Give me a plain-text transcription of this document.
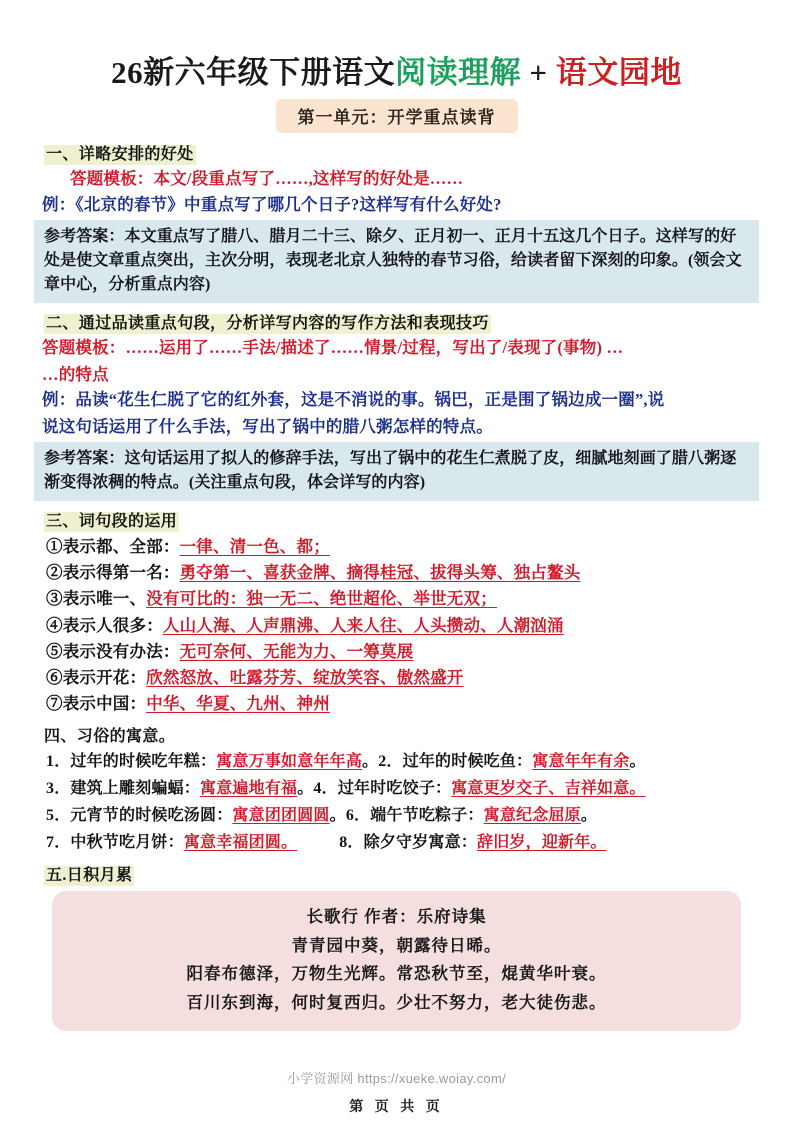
26新六年级下册语文阅读理解 + 语文园地
第一单元：开学重点读背
一、详略安排的好处
答题模板：本文/段重点写了……,这样写的好处是……
例：《北京的春节》中重点写了哪几个日子?这样写有什么好处?
参考答案：本文重点写了腊八、腊月二十三、除夕、正月初一、正月十五这几个日子。这样写的好处是使文章重点突出，主次分明，表现老北京人独特的春节习俗，给读者留下深刻的印象。(领会文章中心，分析重点内容)
二、通过品读重点句段，分析详写内容的写作方法和表现技巧
答题模板：……运用了……手法/描述了……情景/过程，写出了/表现了(事物) …
…的特点
例：品读“花生仁脱了它的红外套，这是不消说的事。锅巴，正是围了锅边成一圈”,说
说这句话运用了什么手法，写出了锅中的腊八粥怎样的特点。
参考答案：这句话运用了拟人的修辞手法，写出了锅中的花生仁煮脱了皮，细腻地刻画了腊八粥逐渐变得浓稠的特点。(关注重点句段，体会详写的内容)
三、词句段的运用
①表示都、全部：一律、清一色、都；
②表示得第一名：勇夺第一、喜获金牌、摘得桂冠、拔得头筹、独占鳌头
③表示唯一、没有可比的：独一无二、绝世超伦、举世无双；
④表示人很多：人山人海、人声鼎沸、人来人往、人头攒动、人潮汹涌
⑤表示没有办法：无可奈何、无能为力、一筹莫展
⑥表示开花：欣然怒放、吐露芬芳、绽放笑容、傲然盛开
⑦表示中国：中华、华夏、九州、神州
四、习俗的寓意。
1．过年的时候吃年糕：寓意万事如意年年高。2．过年的时候吃鱼：寓意年年有余。
3．建筑上雕刻蝙蝠：寓意遍地有福。4．过年时吃饺子：寓意更岁交子、吉祥如意。
5．元宵节的时候吃汤圆：寓意团团圆圆。6．端午节吃粽子：寓意纪念屈原。
7．中秋节吃月饼：寓意幸福团圆。	8．除夕守岁寓意：辞旧岁，迎新年。
五.日积月累
长歌行 作者：乐府诗集
青青园中葵，朝露待日晞。
阳春布德泽，万物生光辉。常恐秋节至，焜黄华叶衰。
百川东到海，何时复西归。少壮不努力，老大徒伤悲。
小学资源网 https://xueke.woiay.com/
第 页 共 页
